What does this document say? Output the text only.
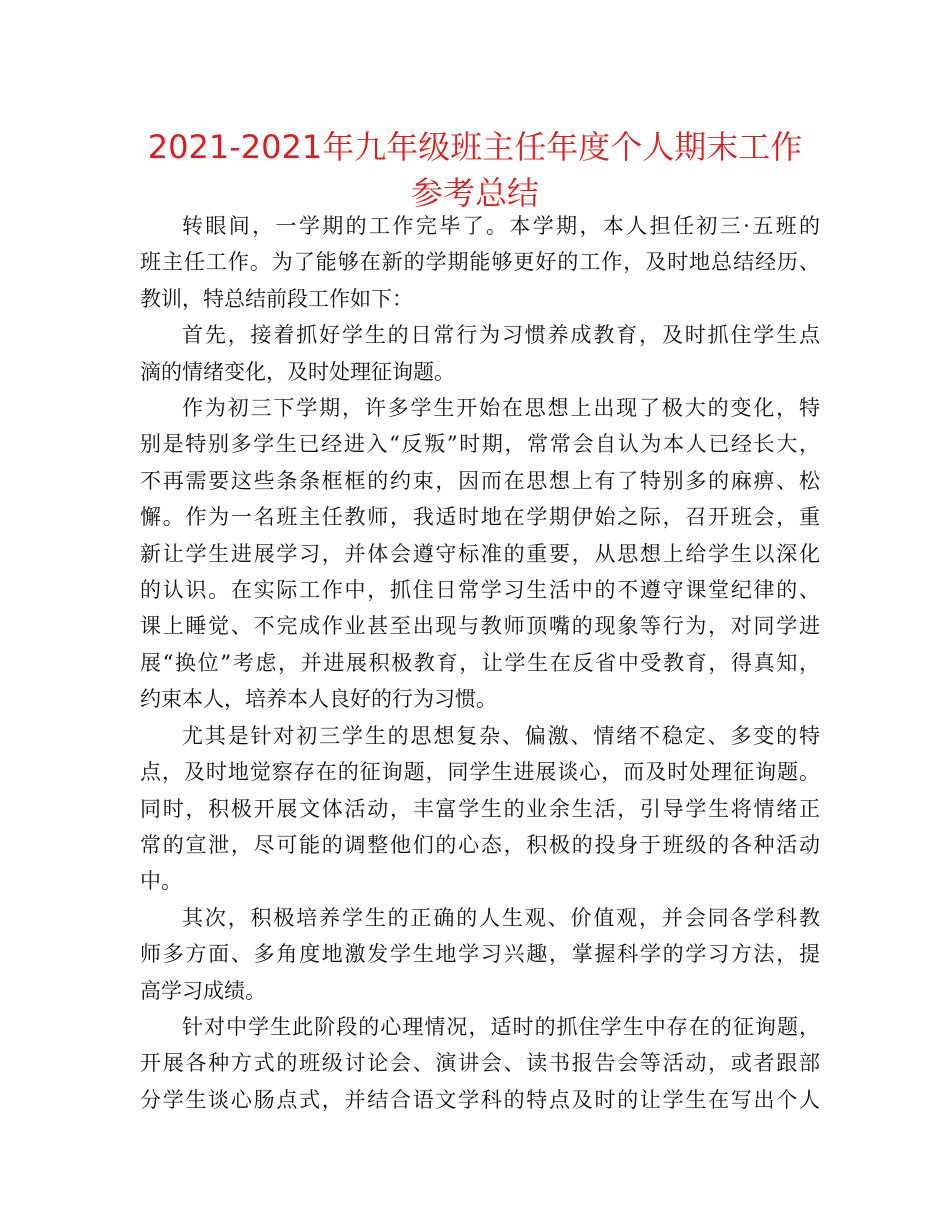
2021-2021年九年级班主任年度个人期末工作
参考总结
转眼间，一学期的工作完毕了。本学期，本人担任初三·五班的
班主任工作。为了能够在新的学期能够更好的工作，及时地总结经历、
教训，特总结前段工作如下：
首先，接着抓好学生的日常行为习惯养成教育，及时抓住学生点
滴的情绪变化，及时处理征询题。
作为初三下学期，许多学生开始在思想上出现了极大的变化，特
别是特别多学生已经进入“反叛”时期，常常会自认为本人已经长大，
不再需要这些条条框框的约束，因而在思想上有了特别多的麻痹、松
懈。作为一名班主任教师，我适时地在学期伊始之际，召开班会，重
新让学生进展学习，并体会遵守标准的重要，从思想上给学生以深化
的认识。在实际工作中，抓住日常学习生活中的不遵守课堂纪律的、
课上睡觉、不完成作业甚至出现与教师顶嘴的现象等行为，对同学进
展“换位”考虑，并进展积极教育，让学生在反省中受教育，得真知，
约束本人，培养本人良好的行为习惯。
尤其是针对初三学生的思想复杂、偏激、情绪不稳定、多变的特
点，及时地觉察存在的征询题，同学生进展谈心，而及时处理征询题。
同时，积极开展文体活动，丰富学生的业余生活，引导学生将情绪正
常的宣泄，尽可能的调整他们的心态，积极的投身于班级的各种活动
中。
其次，积极培养学生的正确的人生观、价值观，并会同各学科教
师多方面、多角度地激发学生地学习兴趣，掌握科学的学习方法，提
高学习成绩。
针对中学生此阶段的心理情况，适时的抓住学生中存在的征询题，
开展各种方式的班级讨论会、演讲会、读书报告会等活动，或者跟部
分学生谈心肠点式，并结合语文学科的特点及时的让学生在写出个人
